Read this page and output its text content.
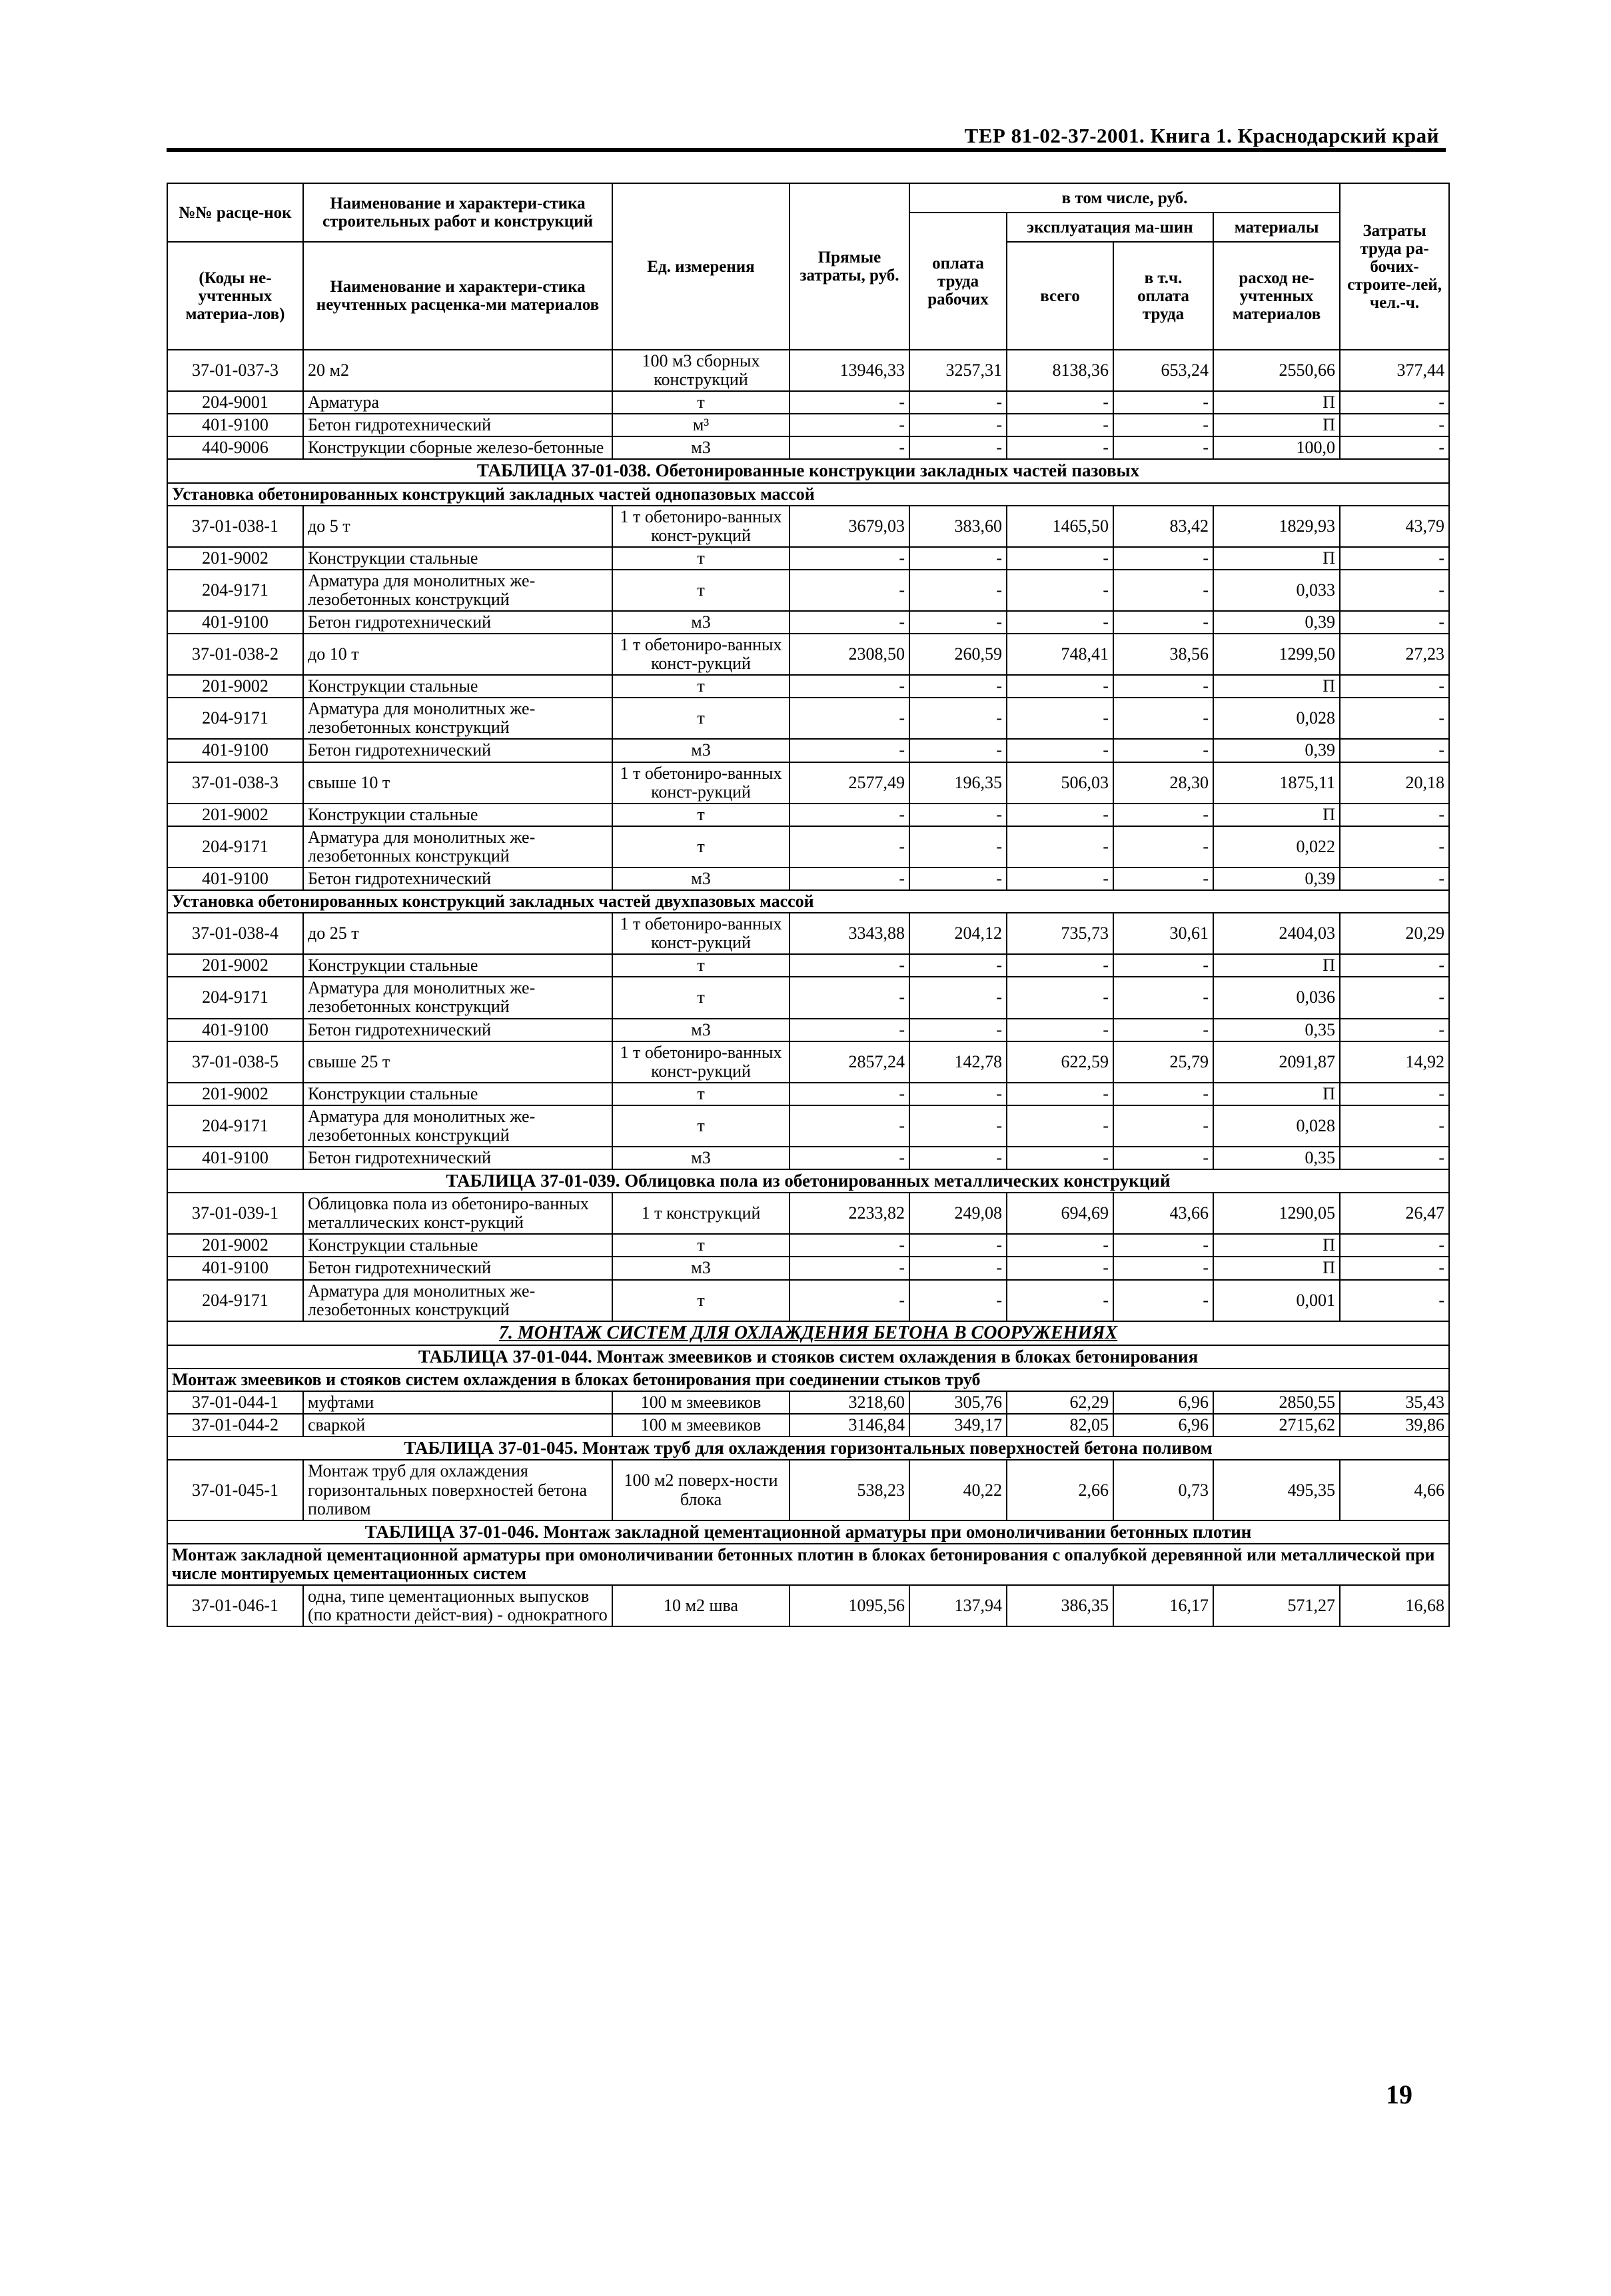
ТЕР 81-02-37-2001. Книга 1. Краснодарский край
№№ расце-нок	Наименование и характери-стика строительных работ и конструкций	Ед. измерения	Прямые затраты, руб.	в том числе, руб.				Затраты труда ра-бочих-строите-лей, чел.-ч.
				оплата труда рабочих	эксплуатация ма-шин		материалы	
(Коды не-учтенных материа-лов)	Наименование и характери-стика неучтенных расценка-ми материалов				всего	в т.ч. оплата труда	расход не-учтенных материалов	

37-01-037-3	20 м2	100 м3 сборных конструкций	13946,33	3257,31	8138,36	653,24	2550,66	377,44
204-9001	Арматура	т	-	-	-	-	П	-
401-9100	Бетон гидротехнический	м³	-	-	-	-	П	-
440-9006	Конструкции сборные железо-бетонные	м3	-	-	-	-	100,0	-
ТАБЛИЦА 37-01-038. Обетонированные конструкции закладных частей пазовых								
Установка обетонированных конструкций закладных частей однопазовых массой								
37-01-038-1	до 5 т	1 т обетониро-ванных конст-рукций	3679,03	383,60	1465,50	83,42	1829,93	43,79
201-9002	Конструкции стальные	т	-	-	-	-	П	-
204-9171	Арматура для монолитных же-лезобетонных конструкций	т	-	-	-	-	0,033	-
401-9100	Бетон гидротехнический	м3	-	-	-	-	0,39	-
37-01-038-2	до 10 т	1 т обетониро-ванных конст-рукций	2308,50	260,59	748,41	38,56	1299,50	27,23
201-9002	Конструкции стальные	т	-	-	-	-	П	-
204-9171	Арматура для монолитных же-лезобетонных конструкций	т	-	-	-	-	0,028	-
401-9100	Бетон гидротехнический	м3	-	-	-	-	0,39	-
37-01-038-3	свыше 10 т	1 т обетониро-ванных конст-рукций	2577,49	196,35	506,03	28,30	1875,11	20,18
201-9002	Конструкции стальные	т	-	-	-	-	П	-
204-9171	Арматура для монолитных же-лезобетонных конструкций	т	-	-	-	-	0,022	-
401-9100	Бетон гидротехнический	м3	-	-	-	-	0,39	-
Установка обетонированных конструкций закладных частей двухпазовых массой								
37-01-038-4	до 25 т	1 т обетониро-ванных конст-рукций	3343,88	204,12	735,73	30,61	2404,03	20,29
201-9002	Конструкции стальные	т	-	-	-	-	П	-
204-9171	Арматура для монолитных же-лезобетонных конструкций	т	-	-	-	-	0,036	-
401-9100	Бетон гидротехнический	м3	-	-	-	-	0,35	-
37-01-038-5	свыше 25 т	1 т обетониро-ванных конст-рукций	2857,24	142,78	622,59	25,79	2091,87	14,92
201-9002	Конструкции стальные	т	-	-	-	-	П	-
204-9171	Арматура для монолитных же-лезобетонных конструкций	т	-	-	-	-	0,028	-
401-9100	Бетон гидротехнический	м3	-	-	-	-	0,35	-
ТАБЛИЦА 37-01-039. Облицовка пола из обетонированных металлических конструкций								
37-01-039-1	Облицовка пола из обетониро-ванных металлических конст-рукций	1 т конструкций	2233,82	249,08	694,69	43,66	1290,05	26,47
201-9002	Конструкции стальные	т	-	-	-	-	П	-
401-9100	Бетон гидротехнический	м3	-	-	-	-	П	-
204-9171	Арматура для монолитных же-лезобетонных конструкций	т	-	-	-	-	0,001	-
7. МОНТАЖ СИСТЕМ ДЛЯ ОХЛАЖДЕНИЯ БЕТОНА В СООРУЖЕНИЯХ								
ТАБЛИЦА 37-01-044. Монтаж змеевиков и стояков систем охлаждения в блоках бетонирования								
Монтаж змеевиков и стояков систем охлаждения в блоках бетонирования при соединении стыков труб								
37-01-044-1	муфтами	100 м змеевиков	3218,60	305,76	62,29	6,96	2850,55	35,43
37-01-044-2	сваркой	100 м змеевиков	3146,84	349,17	82,05	6,96	2715,62	39,86
ТАБЛИЦА 37-01-045. Монтаж труб для охлаждения горизонтальных поверхностей бетона поливом								
37-01-045-1	Монтаж труб для охлаждения горизонтальных поверхностей бетона поливом	100 м2 поверх-ности блока	538,23	40,22	2,66	0,73	495,35	4,66
ТАБЛИЦА 37-01-046. Монтаж закладной цементационной арматуры при омоноличивании бетонных плотин								
Монтаж закладной цементационной арматуры при омоноличивании бетонных плотин в блоках бетонирования с опалубкой деревянной или металлической при числе монтируемых цементационных систем								
37-01-046-1	одна, типе цементационных выпусков (по кратности дейст-вия) - однократного	10 м2 шва	1095,56	137,94	386,35	16,17	571,27	16,68
19
